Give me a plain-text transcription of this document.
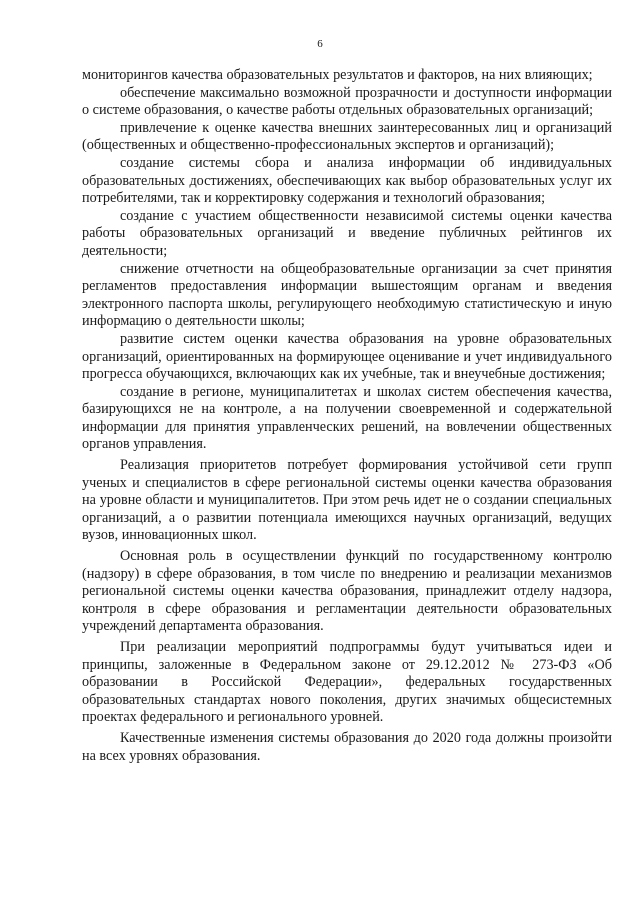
6

мониторингов качества образовательных результатов и факторов, на них влияющих;

обеспечение максимально возможной прозрачности и доступности информации о системе образования, о качестве работы отдельных образовательных организаций;

привлечение к оценке качества внешних заинтересованных лиц и организаций (общественных и общественно-профессиональных экспертов и организаций);

создание системы сбора и анализа информации об индивидуальных образовательных достижениях, обеспечивающих как выбор образовательных услуг их потребителями, так и корректировку содержания и технологий образования;

создание с участием общественности независимой системы оценки качества работы образовательных организаций и введение публичных рейтингов их деятельности;

снижение отчетности на общеобразовательные организации за счет принятия регламентов предоставления информации вышестоящим органам и введения электронного паспорта школы, регулирующего необходимую статистическую и иную информацию о деятельности школы;

развитие систем оценки качества образования на уровне образовательных организаций, ориентированных на формирующее оценивание и учет индивидуального прогресса обучающихся, включающих как их учебные, так и внеучебные достижения;

создание в регионе, муниципалитетах и школах систем обеспечения качества, базирующихся не на контроле, а на получении своевременной и содержательной информации для принятия управленческих решений, на вовлечении общественных органов управления.

Реализация приоритетов потребует формирования устойчивой сети групп ученых и специалистов в сфере региональной системы оценки качества образования на уровне области и муниципалитетов. При этом речь идет не о создании специальных организаций, а о развитии потенциала имеющихся научных организаций, ведущих вузов, инновационных школ.

Основная роль в осуществлении функций по государственному контролю (надзору) в сфере образования, в том числе по внедрению и реализации механизмов региональной системы оценки качества образования, принадлежит отделу надзора, контроля в сфере образования и регламентации деятельности образовательных учреждений департамента образования.

При реализации мероприятий подпрограммы будут учитываться идеи и принципы, заложенные в Федеральном законе от 29.12.2012 № 273-ФЗ «Об образовании в Российской Федерации», федеральных государственных образовательных стандартах нового поколения, других значимых общесистемных проектах федерального и регионального уровней.

Качественные изменения системы образования до 2020 года должны произойти на всех уровнях образования.
